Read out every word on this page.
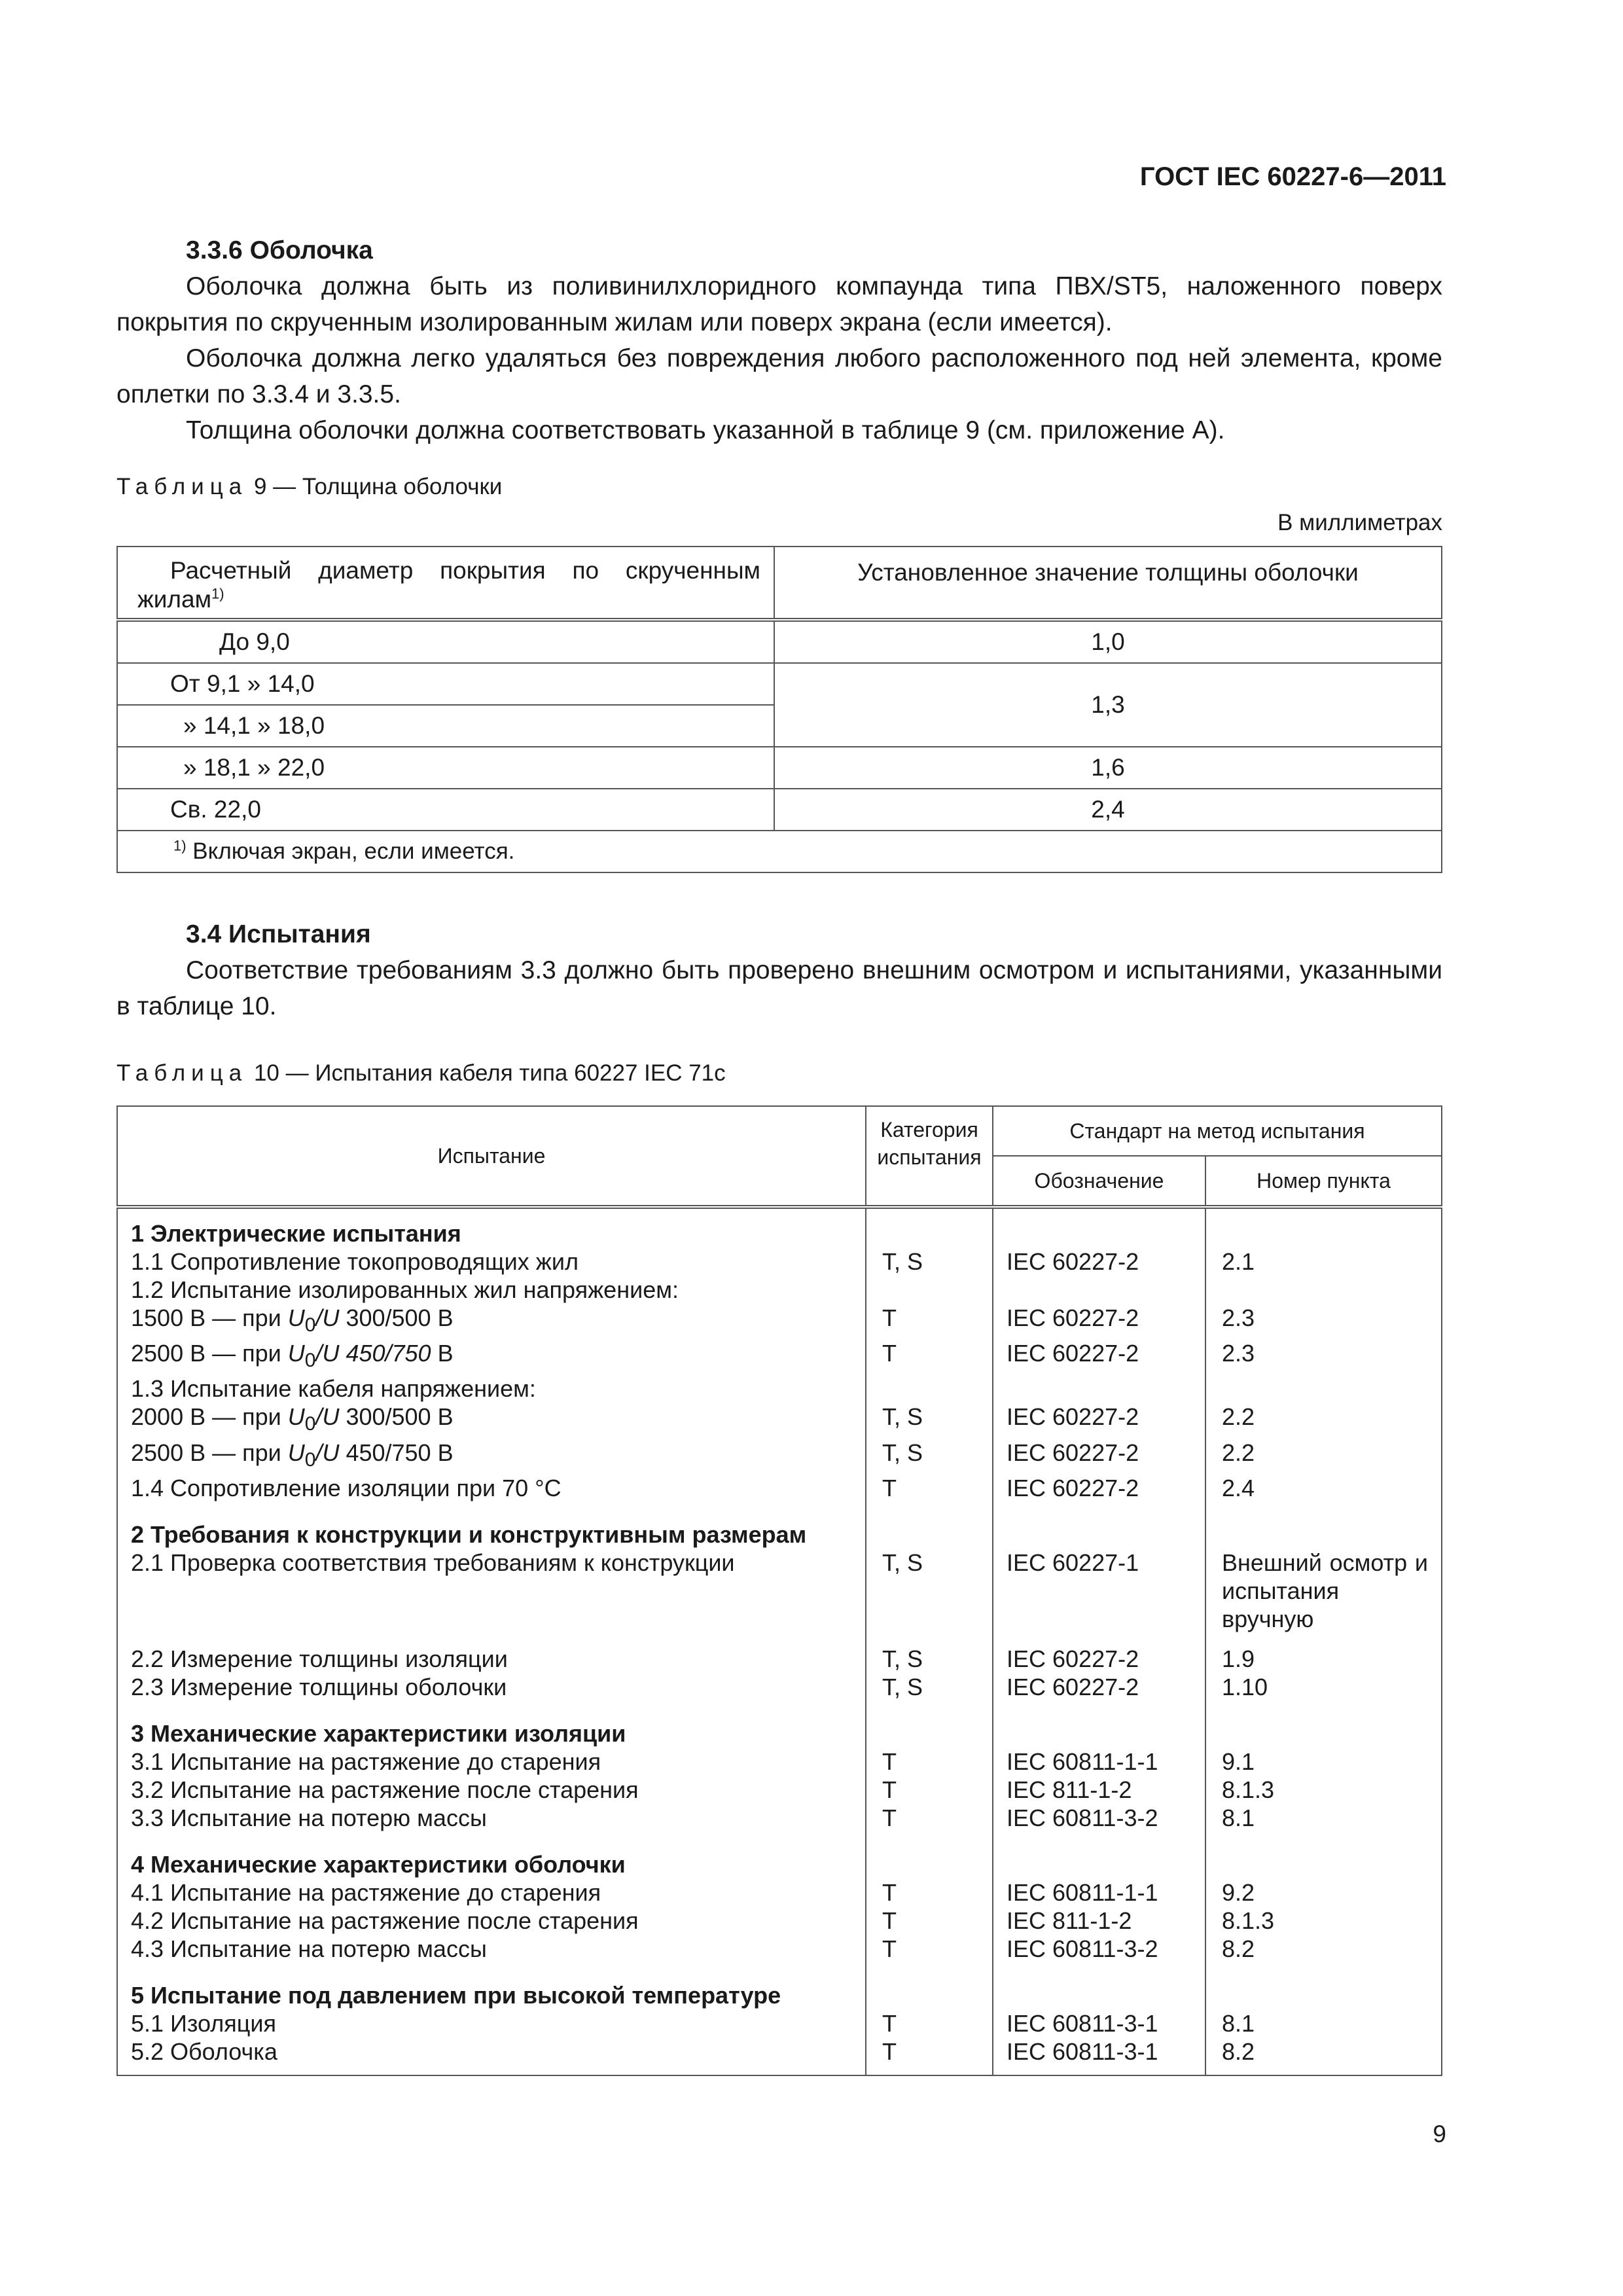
ГОСТ IEC 60227-6—2011

3.3.6 Оболочка

Оболочка должна быть из поливинилхлоридного компаунда типа ПВХ/ST5, наложенного поверх покрытия по скрученным изолированным жилам или поверх экрана (если имеется).

Оболочка должна легко удаляться без повреждения любого расположенного под ней элемента, кроме оплетки по 3.3.4 и 3.3.5.

Толщина оболочки должна соответствовать указанной в таблице 9 (см. приложение А).

Таблица 9 — Толщина оболочки

В миллиметрах

Расчетный диаметр покрытия по скрученным жилам$^{1)}$	Установленное значение толщины оболочки
До 9,0	1,0
От 9,1 » 14,0	1,3
» 14,1 » 18,0	
» 18,1 » 22,0	1,6
Св. 22,0	2,4
$^{1)}$ Включая экран, если имеется.	

3.4 Испытания

Соответствие требованиям 3.3 должно быть проверено внешним осмотром и испытаниями, указанными в таблице 10.

Таблица 10 — Испытания кабеля типа 60227 IEC 71c

Испытание	Категория испытания	Стандарт на метод испытания	
		Обозначение	Номер пункта
1 Электрические испытания			
1.1 Сопротивление токопроводящих жил	T, S	IEC 60227-2	2.1
1.2 Испытание изолированных жил напряжением:			
1500 В — при $U_0/U$ 300/500 В	T	IEC 60227-2	2.3
2500 В — при $U_0/U$ 450/750 В	T	IEC 60227-2	2.3
1.3 Испытание кабеля напряжением:			
2000 В — при $U_0/U$ 300/500 В	T, S	IEC 60227-2	2.2
2500 В — при $U_0/U$ 450/750 В	T, S	IEC 60227-2	2.2
1.4 Сопротивление изоляции при 70 °С	T	IEC 60227-2	2.4
2 Требования к конструкции и конструктивным размерам			
2.1 Проверка соответствия требованиям к конструкции	T, S	IEC 60227-1	Внешний осмотр и испытания вручную
2.2 Измерение толщины изоляции	T, S	IEC 60227-2	1.9
2.3 Измерение толщины оболочки	T, S	IEC 60227-2	1.10
3 Механические характеристики изоляции			
3.1 Испытание на растяжение до старения	T	IEC 60811-1-1	9.1
3.2 Испытание на растяжение после старения	T	IEC 811-1-2	8.1.3
3.3 Испытание на потерю массы	T	IEC 60811-3-2	8.1
4 Механические характеристики оболочки			
4.1 Испытание на растяжение до старения	T	IEC 60811-1-1	9.2
4.2 Испытание на растяжение после старения	T	IEC 811-1-2	8.1.3
4.3 Испытание на потерю массы	T	IEC 60811-3-2	8.2
5 Испытание под давлением при высокой температуре			
5.1 Изоляция	T	IEC 60811-3-1	8.1
5.2 Оболочка	T	IEC 60811-3-1	8.2
9
